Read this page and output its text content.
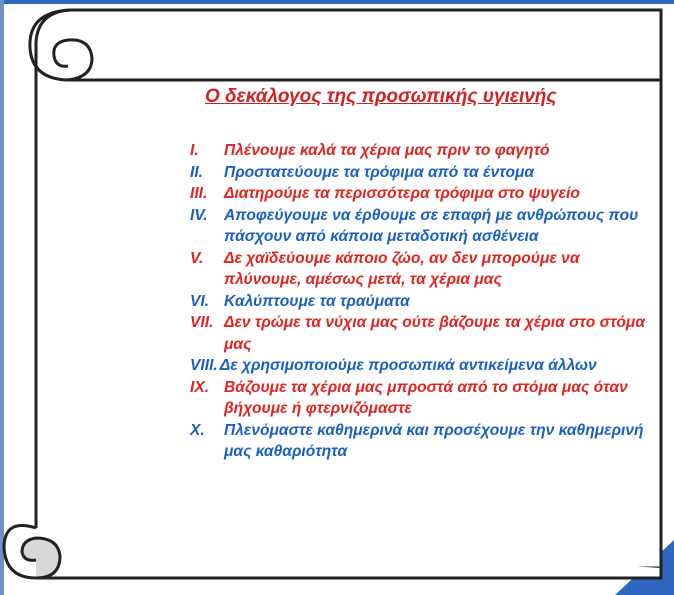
Ο δεκάλογος της προσωπικής υγιεινής
I.	Πλένουμε καλά τα χέρια μας πριν το φαγητό
II.	Προστατεύουμε τα τρόφιμα από τα έντομα
III.	Διατηρούμε τα περισσότερα τρόφιμα στο ψυγείο
IV.	Αποφεύγουμε να έρθουμε σε επαφή με ανθρώπους που πάσχουν από κάποια μεταδοτική ασθένεια
V.	Δε χαϊδεύουμε κάποιο ζώο, αν δεν μπορούμε να πλύνουμε, αμέσως μετά, τα χέρια μας
VI. Καλύπτουμε τα τραύματα
VII. Δεν τρώμε τα νύχια μας ούτε βάζουμε τα χέρια στο στόμα μας
VIII. Δε χρησιμοποιούμε προσωπικά αντικείμενα άλλων
IX. Βάζουμε τα χέρια μας μπροστά από το στόμα μας όταν βήχουμε ή φτερνιζόμαστε
X.	Πλενόμαστε καθημερινά και προσέχουμε την καθημερινή μας καθαριότητα
